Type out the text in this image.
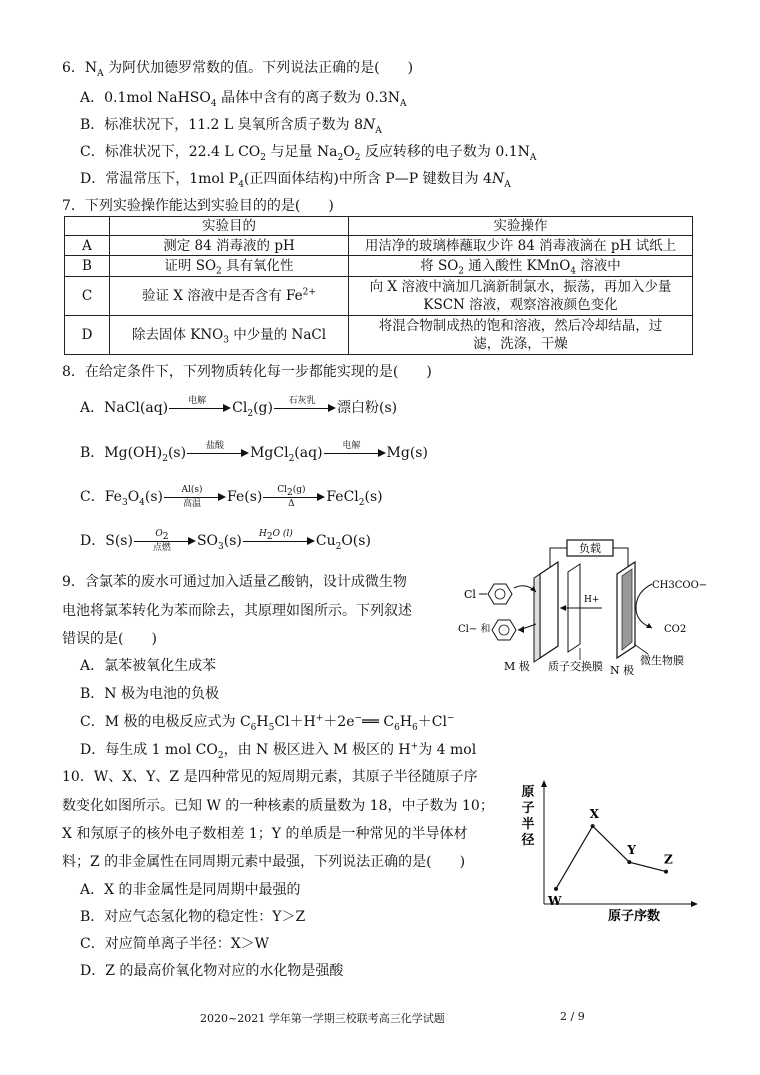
6．$N_A$ 为阿伏加德罗常数的值。下列说法正确的是(　　)
A．0.1mol NaHSO$_4$ 晶体中含有的离子数为 $0.3N_A$
B．标准状况下，11.2 L 臭氧所含质子数为 $8N_A$
C．标准状况下，22.4 L $CO_2$ 与足量 $Na_2O_2$ 反应转移的电子数为 $0.1N_A$
D．常温常压下，1mol $P_4$(正四面体结构)中所含 P—P 键数目为 $4N_A$
7．下列实验操作能达到实验目的的是(　　)
	实验目的	实验操作
A	测定 84 消毒液的 pH	用洁净的玻璃棒蘸取少许 84 消毒液滴在 pH 试纸上
B	证明 $SO_2$ 具有氧化性	将 $SO_2$ 通入酸性 KMnO$_4$ 溶液中
C	验证 X 溶液中是否含有 $Fe^{2+}$	向 X 溶液中滴加几滴新制氯水，振荡，再加入少量
KSCN 溶液，观察溶液颜色变化
D	除去固体 $KNO_3$ 中少量的 NaCl	将混合物制成热的饱和溶液，然后冷却结晶，过
滤，洗涤，干燥
8．在给定条件下，下列物质转化每一步都能实现的是(　　)
A．NaCl(aq)	电解	$Cl_2(g)$	石灰乳	漂白粉(s)
B．$Mg(OH)_2(s)$	盐酸	MgCl$_2$(aq)	电解	Mg(s)
C．$Fe_3O_4(s)$	Al(s)
高温	$Fe(s) \frac{Cl_2(g)}{\Delta}$ FeCl$_2$(s)
D．S(s)	$O_2$
点燃	$SO_3(s)$	$H_2O$ (l)	$Cu_2O(s)$
9．含氯苯的废水可通过加入适量乙酸钠，设计成微生物
电池将氯苯转化为苯而除去，其原理如图所示。下列叙述
错误的是(　　)
A．氯苯被氧化生成苯
B．N 极为电池的负极
C．M 极的电极反应式为 $C_6H_5Cl+H^++2e^-══$ $C_6H_6+Cl^-$
D．每生成 1 mol $CO_2$，由 N 极区进入 M 极区的 H+为 4 mol
负载
H+
Cl
Cl− 和
CH3COO−
CO2
M 极 质子交换膜 N 极
微生物膜
10．W、X、Y、Z 是四种常见的短周期元素，其原子半径随原子序
数变化如图所示。已知 W 的一种核素的质量数为 18，中子数为 10；
X 和氖原子的核外电子数相差 1；Y 的单质是一种常见的半导体材
料；Z 的非金属性在同周期元素中最强，下列说法正确的是(　　)
A．X 的非金属性是同周期中最强的
B．对应气态氢化物的稳定性：Y＞Z
C．对应简单离子半径：X＞W
D．Z 的最高价氧化物对应的水化物是强酸
原
子
半
径
原子序数
W
X
Y
Z
2020~2021 学年第一学期三校联考高三化学试题	2 / 9
